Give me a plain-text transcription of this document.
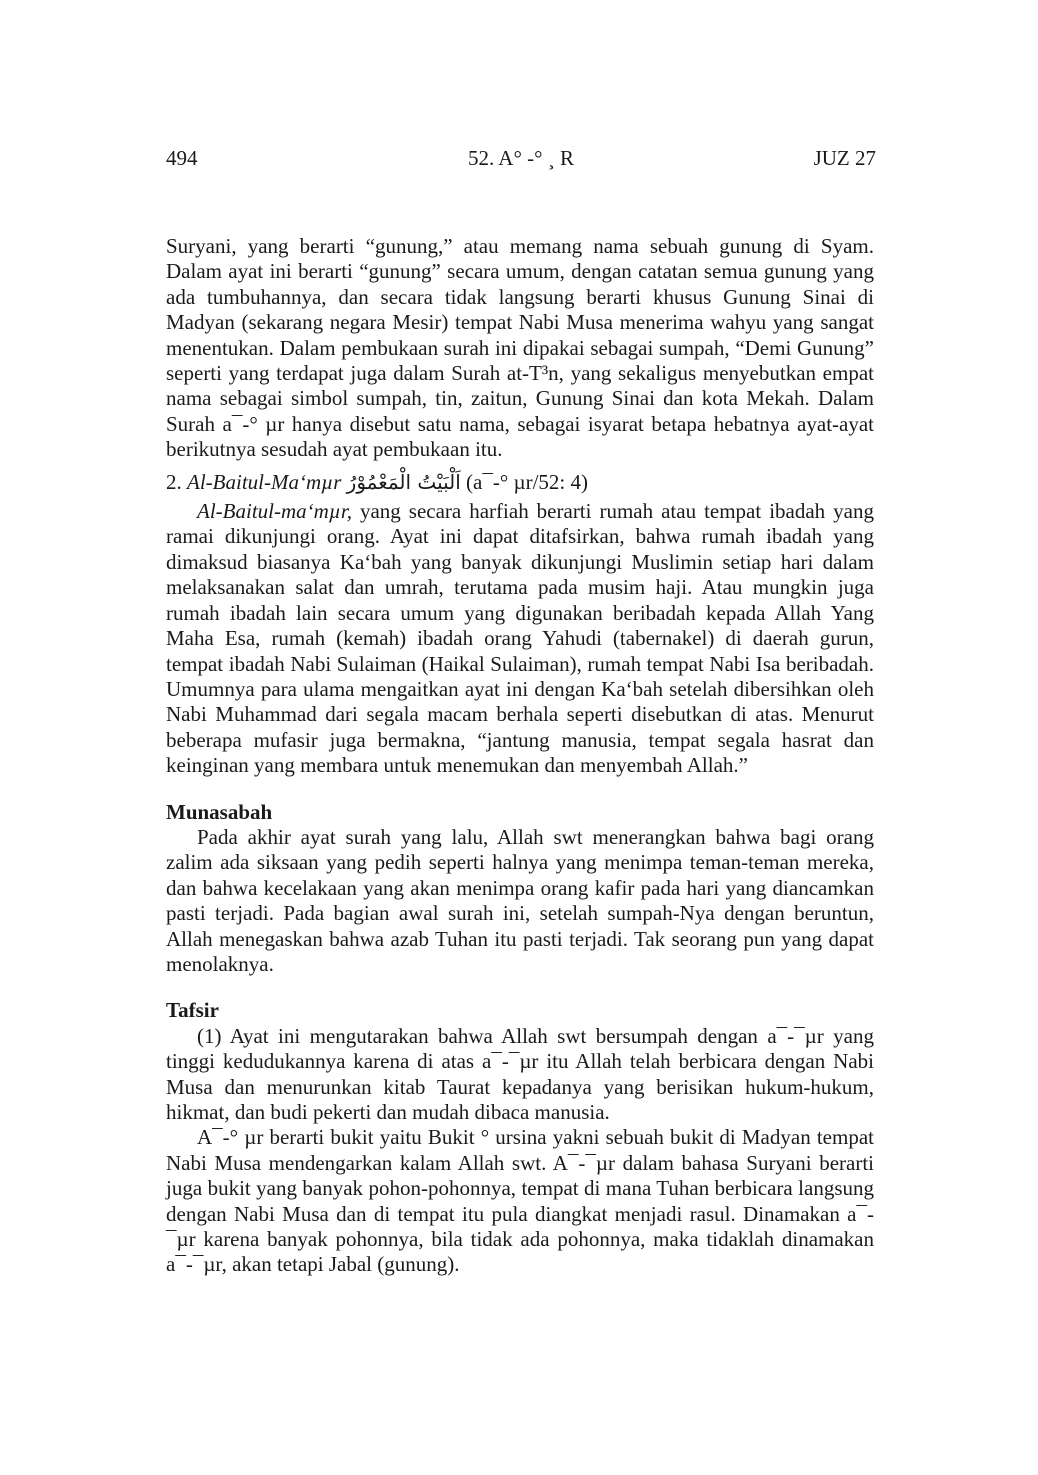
494	52. A° -° ¸ R	JUZ 27

Suryani, yang berarti “gunung,” atau memang nama sebuah gunung di Syam. Dalam ayat ini berarti “gunung” secara umum, dengan catatan semua gunung yang ada tumbuhannya, dan secara tidak langsung berarti khusus Gunung Sinai di Madyan (sekarang negara Mesir) tempat Nabi Musa menerima wahyu yang sangat menentukan. Dalam pembukaan surah ini dipakai sebagai sumpah, “Demi Gunung” seperti yang terdapat juga dalam Surah at-T³n, yang sekaligus menyebutkan empat nama sebagai simbol sumpah, tin, zaitun, Gunung Sinai dan kota Mekah. Dalam Surah a¯-° µr hanya disebut satu nama, sebagai isyarat betapa hebatnya ayat-ayat berikutnya sesudah ayat pembukaan itu.

2. Al-Baitul-Ma‘mµr اَلْبَيْتُ الْمَعْمُوْرُ (a¯-° µr/52: 4)

Al-Baitul-ma‘mµr, yang secara harfiah berarti rumah atau tempat ibadah yang ramai dikunjungi orang. Ayat ini dapat ditafsirkan, bahwa rumah ibadah yang dimaksud biasanya Ka‘bah yang banyak dikunjungi Muslimin setiap hari dalam melaksanakan salat dan umrah, terutama pada musim haji. Atau mungkin juga rumah ibadah lain secara umum yang digunakan beribadah kepada Allah Yang Maha Esa, rumah (kemah) ibadah orang Yahudi (tabernakel) di daerah gurun, tempat ibadah Nabi Sulaiman (Haikal Sulaiman), rumah tempat Nabi Isa beribadah. Umumnya para ulama mengaitkan ayat ini dengan Ka‘bah setelah dibersihkan oleh Nabi Muhammad dari segala macam berhala seperti disebutkan di atas. Menurut beberapa mufasir juga bermakna, “jantung manusia, tempat segala hasrat dan keinginan yang membara untuk menemukan dan menyembah Allah.”

Munasabah

Pada akhir ayat surah yang lalu, Allah swt menerangkan bahwa bagi orang zalim ada siksaan yang pedih seperti halnya yang menimpa teman-teman mereka, dan bahwa kecelakaan yang akan menimpa orang kafir pada hari yang diancamkan pasti terjadi. Pada bagian awal surah ini, setelah sumpah-Nya dengan beruntun, Allah menegaskan bahwa azab Tuhan itu pasti terjadi. Tak seorang pun yang dapat menolaknya.

Tafsir

(1) Ayat ini mengutarakan bahwa Allah swt bersumpah dengan a¯-¯µr yang tinggi kedudukannya karena di atas a¯-¯µr itu Allah telah berbicara dengan Nabi Musa dan menurunkan kitab Taurat kepadanya yang berisikan hukum-hukum, hikmat, dan budi pekerti dan mudah dibaca manusia.

A¯-° µr berarti bukit yaitu Bukit ° ursina yakni sebuah bukit di Madyan tempat Nabi Musa mendengarkan kalam Allah swt. A¯-¯µr dalam bahasa Suryani berarti juga bukit yang banyak pohon-pohonnya, tempat di mana Tuhan berbicara langsung dengan Nabi Musa dan di tempat itu pula diangkat menjadi rasul. Dinamakan a¯-¯µr karena banyak pohonnya, bila tidak ada pohonnya, maka tidaklah dinamakan a¯-¯µr, akan tetapi Jabal (gunung).
